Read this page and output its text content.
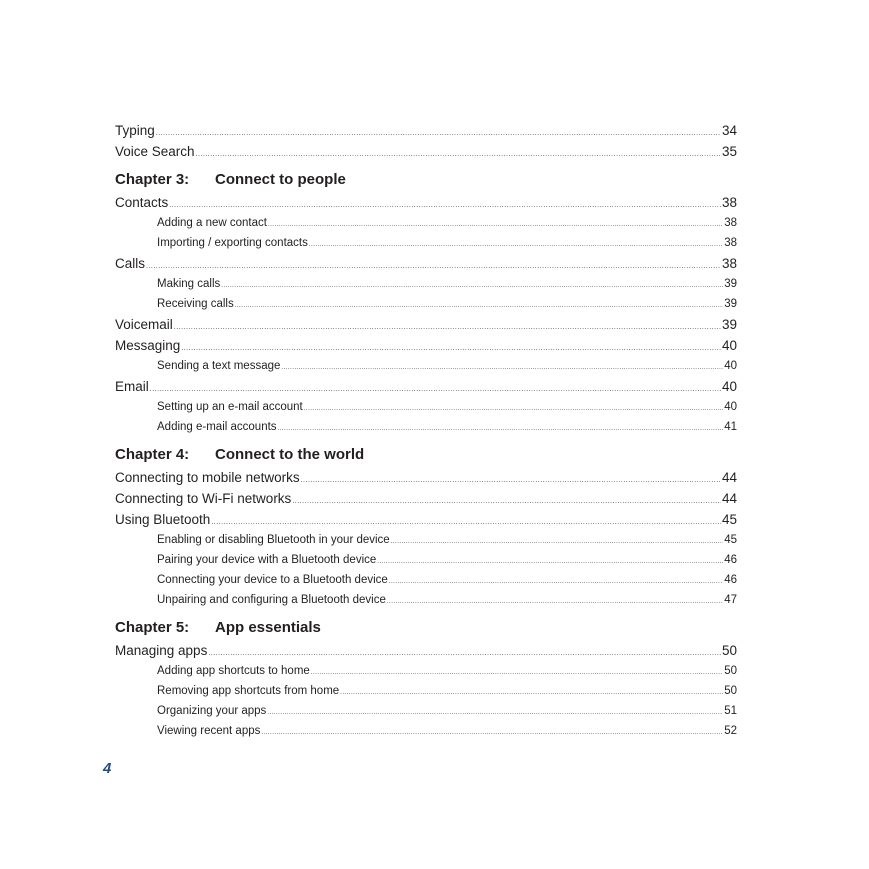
Typing .....	34
Voice Search .....	35
Chapter 3:	Connect to people
Contacts .....	38
Adding a new contact .....	38
Importing / exporting contacts .....	38
Calls .....	38
Making calls .....	39
Receiving calls .....	39
Voicemail .....	39
Messaging .....	40
Sending a text message .....	40
Email .....	40
Setting up an e-mail account .....	40
Adding e-mail accounts .....	41
Chapter 4:	Connect to the world
Connecting to mobile networks .....	44
Connecting to Wi-Fi networks .....	44
Using Bluetooth .....	45
Enabling or disabling Bluetooth in your device .....	45
Pairing your device with a Bluetooth device .....	46
Connecting your device to a Bluetooth device .....	46
Unpairing and configuring a Bluetooth device .....	47
Chapter 5:	App essentials
Managing apps .....	50
Adding app shortcuts to home .....	50
Removing app shortcuts from home .....	50
Organizing your apps .....	51
Viewing recent apps .....	52
4
